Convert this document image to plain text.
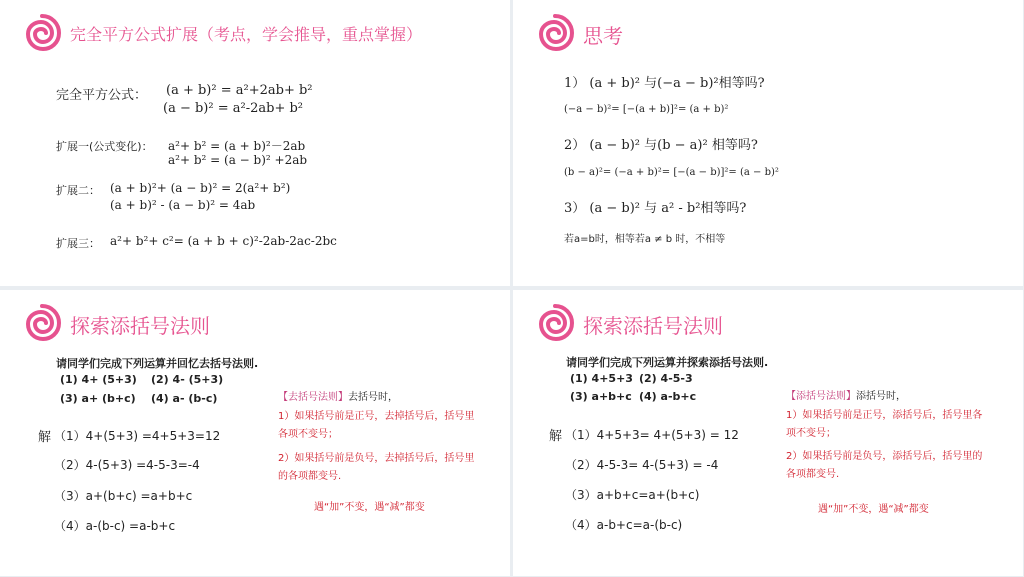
完全平方公式扩展（考点，学会推导，重点掌握）
完全平方公式： (a + b)² = a²+2ab+ b²
(a − b)² = a²-2ab+ b²
扩展一(公式变化)： a²+ b² = (a + b)²－2ab
a²+ b² = (a − b)² +2ab
扩展二： (a + b)²+ (a − b)² = 2(a²+ b²)
(a + b)² - (a − b)² = 4ab
扩展三： a²+ b²+ c²= (a + b + c)²-2ab-2ac-2bc
思考
1） (a + b)² 与(−a − b)²相等吗?
(−a − b)²= [−(a + b)]²= (a + b)²
2） (a − b)² 与(b − a)² 相等吗?
(b − a)²= (−a + b)²= [−(a − b)]²= (a − b)²
3） (a − b)² 与 a² - b²相等吗?
若a=b时，相等若a ≠ b 时，不相等
探索添括号法则
请同学们完成下列运算并回忆去括号法则.
(1) 4+ (5+3) (2) 4- (5+3)
(3) a+ (b+c) (4) a- (b-c)
解 （1）4+(5+3) =4+5+3=12
（2）4-(5+3) =4-5-3=-4
（3）a+(b+c) =a+b+c
（4）a-(b-c) =a-b+c
【去括号法则】去括号时，
1）如果括号前是正号，去掉括号后，括号里各项不变号；
2）如果括号前是负号，去掉括号后，括号里的各项都变号.
遇“加”不变，遇“减”都变
探索添括号法则
请同学们完成下列运算并探索添括号法则.
(1) 4+5+3 (2) 4-5-3
(3) a+b+c (4) a-b+c
解 （1）4+5+3= 4+(5+3) = 12
（2）4-5-3= 4-(5+3) = -4
（3）a+b+c=a+(b+c)
（4）a-b+c=a-(b-c)
【添括号法则】添括号时，
1）如果括号前是正号，添括号后，括号里各项不变号；
2）如果括号前是负号，添括号后，括号里的各项都变号.
遇“加”不变，遇“减”都变
